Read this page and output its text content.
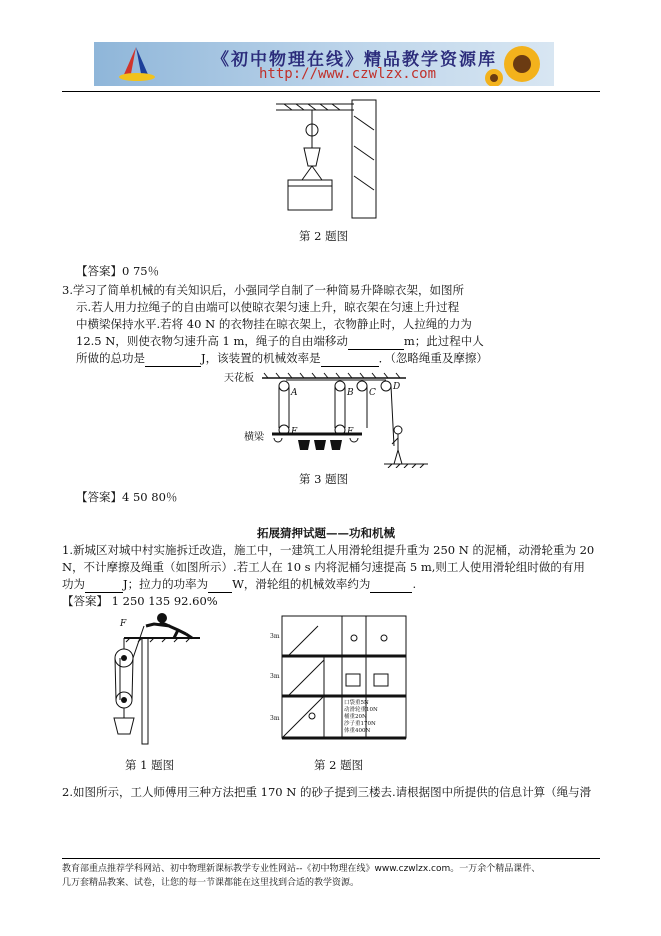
《初中物理在线》精品教学资源库
http://www.czwlzx.com
第 2 题图
【答案】0 75％
3.学习了简单机械的有关知识后，小强同学自制了一种简易升降晾衣架，如图所
示.若人用力拉绳子的自由端可以使晾衣架匀速上升，晾衣架在匀速上升过程
中横梁保持水平.若将 40 N 的衣物挂在晾衣架上，衣物静止时，人拉绳的力为
12.5 N，则使衣物匀速升高 1 m，绳子的自由端移动	m；此过程中人
所做的总功是	J，该装置的机械效率是	．（忽略绳重及摩擦）
天花板
横梁
A	B C
D
E	F
第 3 题图
【答案】4 50 80％
拓展猜押试题——功和机械
1.新城区对城中村实施拆迁改造，施工中，一建筑工人用滑轮组提升重为 250 N 的泥桶，动滑轮重为 20
N，不计摩擦及绳重（如图所示）.若工人在 10 s 内将泥桶匀速提高 5 m,则工人使用滑轮组时做的有用
功为	J；拉力的功率为 W，滑轮组的机械效率约为	.
【答案】 1 250 135 92.60%
F
第 1 题图
3m
3m
3m
口袋重5N
动滑轮重10N
桶重20N
沙子重170N
体重400N
第 2 题图
2.如图所示，工人师傅用三种方法把重 170 N 的砂子提到三楼去.请根据图中所提供的信息计算（绳与滑
教育部重点推荐学科网站、初中物理新课标教学专业性网站--《初中物理在线》www.czwlzx.com。一万余个精品课件、
几万套精品教案、试卷，让您的每一节课都能在这里找到合适的教学资源。
